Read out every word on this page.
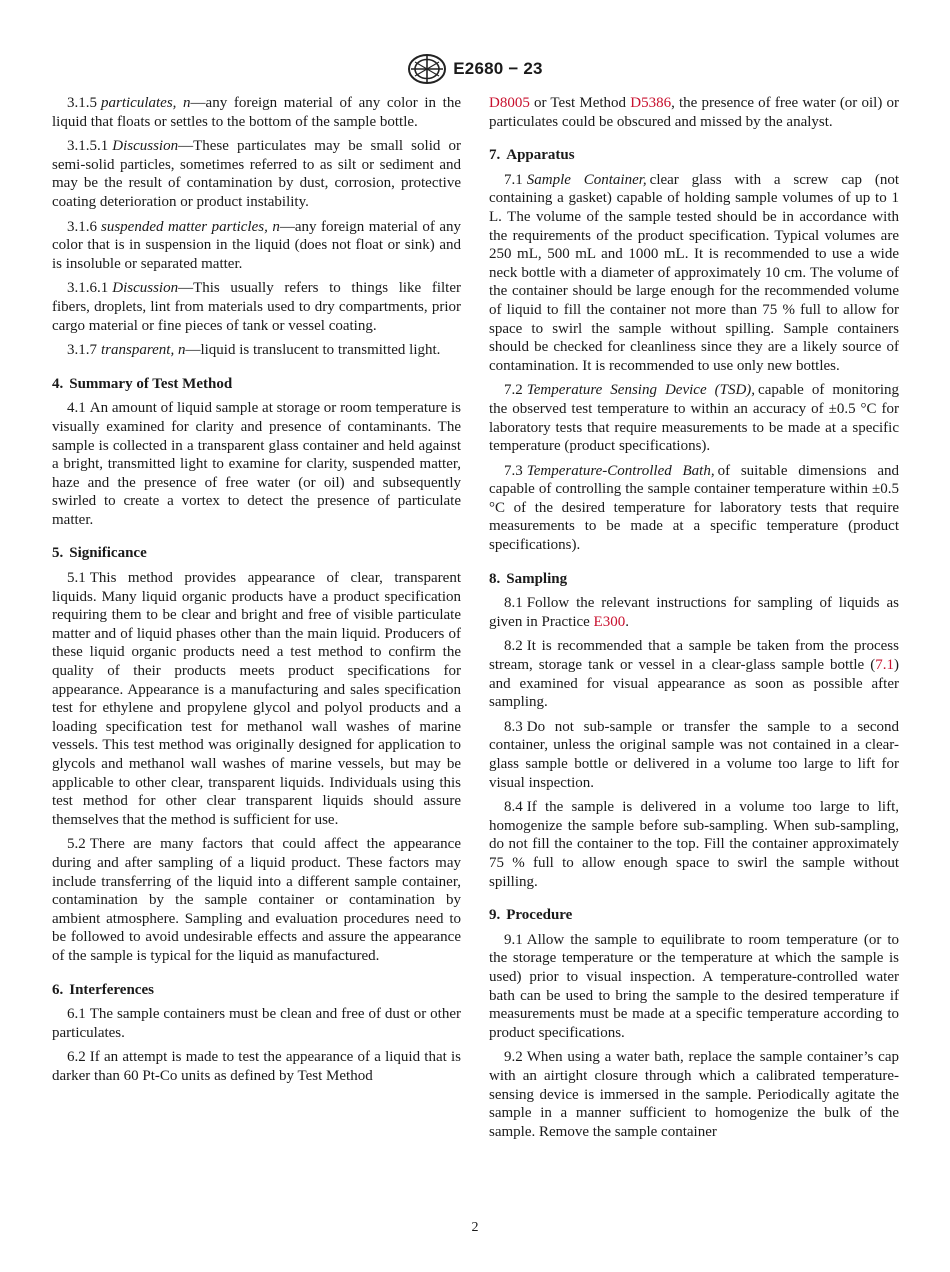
E2680 − 23

3.1.5 particulates, n—any foreign material of any color in the liquid that floats or settles to the bottom of the sample bottle.

3.1.5.1 Discussion—These particulates may be small solid or semi-solid particles, sometimes referred to as silt or sediment and may be the result of contamination by dust, corrosion, protective coating deterioration or product instability.

3.1.6 suspended matter particles, n—any foreign material of any color that is in suspension in the liquid (does not float or sink) and is insoluble or separated matter.

3.1.6.1 Discussion—This usually refers to things like filter fibers, droplets, lint from materials used to dry compartments, prior cargo material or fine pieces of tank or vessel coating.

3.1.7 transparent, n—liquid is translucent to transmitted light.

4. Summary of Test Method

4.1 An amount of liquid sample at storage or room temperature is visually examined for clarity and presence of contaminants. The sample is collected in a transparent glass container and held against a bright, transmitted light to examine for clarity, suspended matter, haze and the presence of free water (or oil) and subsequently swirled to create a vortex to detect the presence of particulate matter.

5. Significance

5.1 This method provides appearance of clear, transparent liquids. Many liquid organic products have a product specification requiring them to be clear and bright and free of visible particulate matter and of liquid phases other than the main liquid. Producers of these liquid organic products need a test method to confirm the quality of their products meets product specifications for appearance. Appearance is a manufacturing and sales specification test for ethylene and propylene glycol and polyol products and a loading specification test for methanol wall washes of marine vessels. This test method was originally designed for application to glycols and methanol wall washes of marine vessels, but may be applicable to other clear, transparent liquids. Individuals using this test method for other clear transparent liquids should assure themselves that the method is sufficient for use.

5.2 There are many factors that could affect the appearance during and after sampling of a liquid product. These factors may include transferring of the liquid into a different sample container, contamination by the sample container or contamination by ambient atmosphere. Sampling and evaluation procedures need to be followed to avoid undesirable effects and assure the appearance of the sample is typical for the liquid as manufactured.

6. Interferences

6.1 The sample containers must be clean and free of dust or other particulates.

6.2 If an attempt is made to test the appearance of a liquid that is darker than 60 Pt-Co units as defined by Test Method

D8005 or Test Method D5386, the presence of free water (or oil) or particulates could be obscured and missed by the analyst.

7. Apparatus

7.1 Sample Container, clear glass with a screw cap (not containing a gasket) capable of holding sample volumes of up to 1 L. The volume of the sample tested should be in accordance with the requirements of the product specification. Typical volumes are 250 mL, 500 mL and 1000 mL. It is recommended to use a wide neck bottle with a diameter of approximately 10 cm. The volume of the container should be large enough for the recommended volume of liquid to fill the container not more than 75 % full to allow for space to swirl the sample without spilling. Sample containers should be checked for cleanliness since they are a likely source of contamination. It is recommended to use only new bottles.

7.2 Temperature Sensing Device (TSD), capable of monitoring the observed test temperature to within an accuracy of ±0.5 °C for laboratory tests that require measurements to be made at a specific temperature (product specifications).

7.3 Temperature-Controlled Bath, of suitable dimensions and capable of controlling the sample container temperature within ±0.5 °C of the desired temperature for laboratory tests that require measurements to be made at a specific temperature (product specifications).

8. Sampling

8.1 Follow the relevant instructions for sampling of liquids as given in Practice E300.

8.2 It is recommended that a sample be taken from the process stream, storage tank or vessel in a clear-glass sample bottle (7.1) and examined for visual appearance as soon as possible after sampling.

8.3 Do not sub-sample or transfer the sample to a second container, unless the original sample was not contained in a clear-glass sample bottle or delivered in a volume too large to lift for visual inspection.

8.4 If the sample is delivered in a volume too large to lift, homogenize the sample before sub-sampling. When sub-sampling, do not fill the container to the top. Fill the container approximately 75 % full to allow enough space to swirl the sample without spilling.

9. Procedure

9.1 Allow the sample to equilibrate to room temperature (or to the storage temperature or the temperature at which the sample is used) prior to visual inspection. A temperature-controlled water bath can be used to bring the sample to the desired temperature if measurements must be made at a specific temperature according to product specifications.

9.2 When using a water bath, replace the sample container’s cap with an airtight closure through which a calibrated temperature-sensing device is immersed in the sample. Periodically agitate the sample in a manner sufficient to homogenize the bulk of the sample. Remove the sample container

2
